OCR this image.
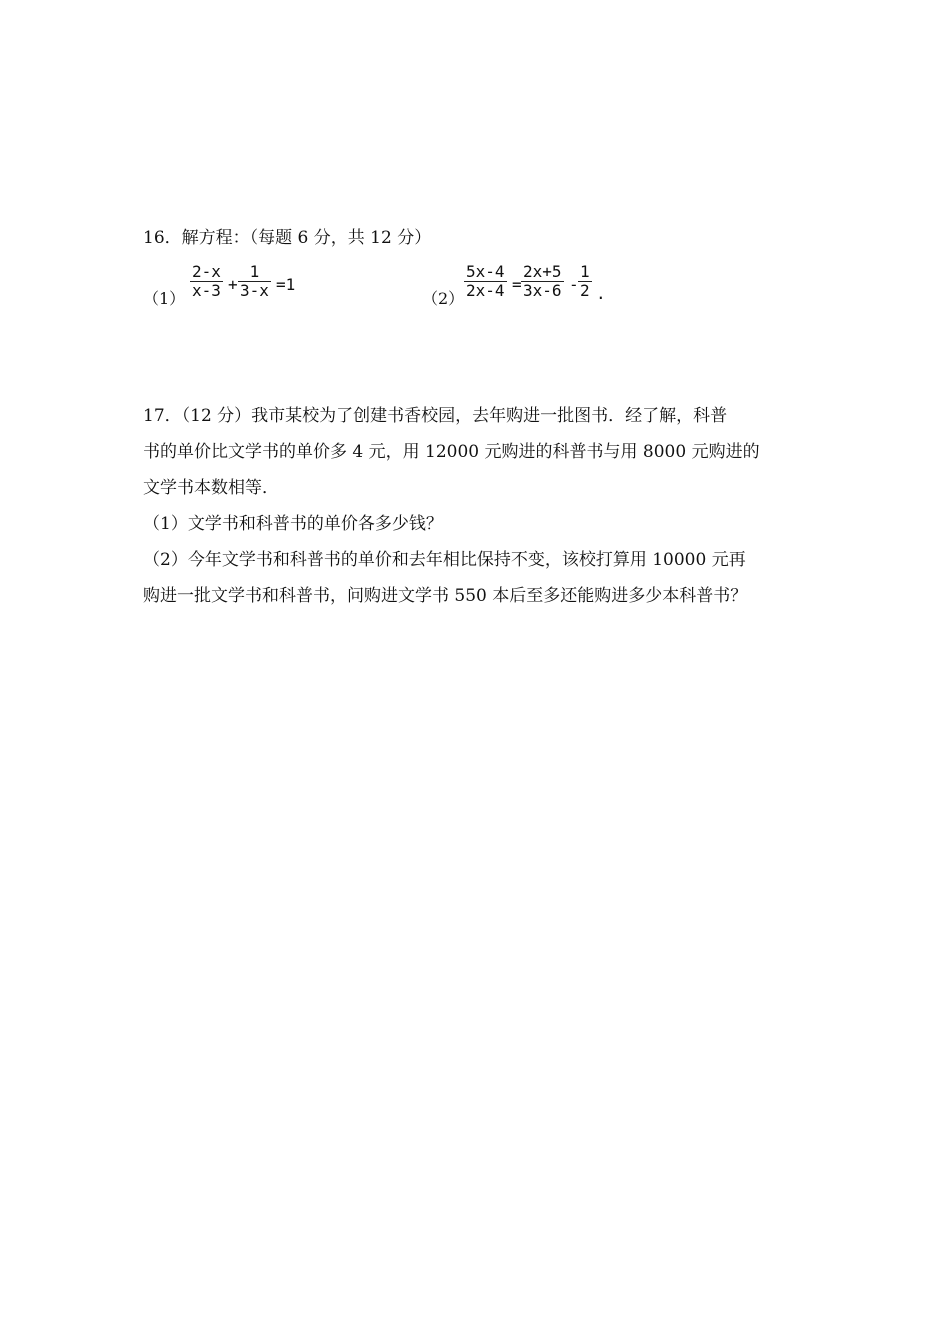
16．解方程：（每题 6 分，共 12 分）
$(1) \frac{2-x}{x-3} + \frac{1}{3-x} =1$
$(2) \frac{5x-4}{2x-4} = \frac{2x+5}{3x-6} - \frac{1}{2}$ .

17．（12 分）我市某校为了创建书香校园，去年购进一批图书．经了解，科普

书的单价比文学书的单价多 4 元，用 12000 元购进的科普书与用 8000 元购进的

文学书本数相等．

（1）文学书和科普书的单价各多少钱？

（2）今年文学书和科普书的单价和去年相比保持不变，该校打算用 10000 元再

购进一批文学书和科普书，问购进文学书 550 本后至多还能购进多少本科普书？
